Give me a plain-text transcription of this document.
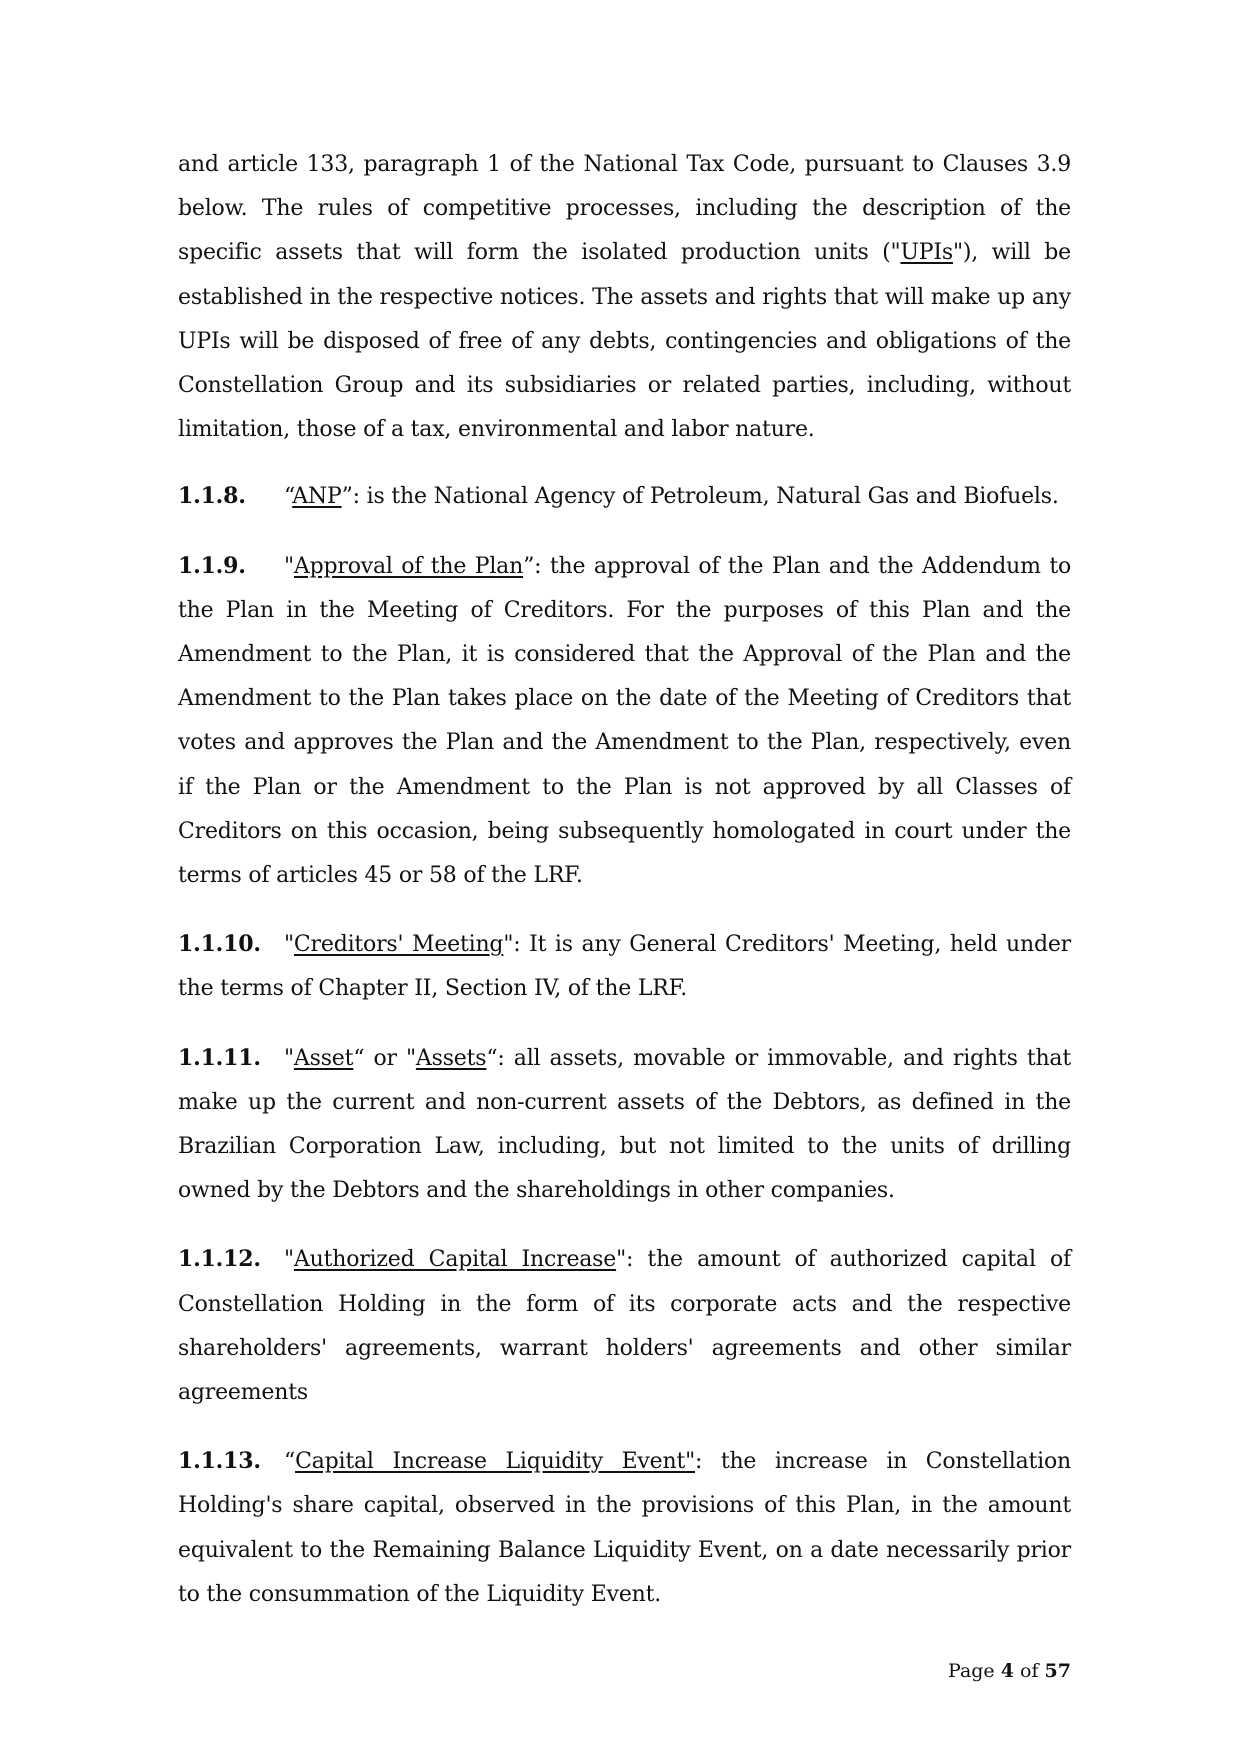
and article 133, paragraph 1 of the National Tax Code, pursuant to Clauses 3.9 below. The rules of competitive processes, including the description of the specific assets that will form the isolated production units ("UPIs"), will be established in the respective notices. The assets and rights that will make up any UPIs will be disposed of free of any debts, contingencies and obligations of the Constellation Group and its subsidiaries or related parties, including, without limitation, those of a tax, environmental and labor nature.

1.1.8. “ANP”: is the National Agency of Petroleum, Natural Gas and Biofuels.

1.1.9. "Approval of the Plan”: the approval of the Plan and the Addendum to the Plan in the Meeting of Creditors. For the purposes of this Plan and the Amendment to the Plan, it is considered that the Approval of the Plan and the Amendment to the Plan takes place on the date of the Meeting of Creditors that votes and approves the Plan and the Amendment to the Plan, respectively, even if the Plan or the Amendment to the Plan is not approved by all Classes of Creditors on this occasion, being subsequently homologated in court under the terms of articles 45 or 58 of the LRF.

1.1.10. "Creditors' Meeting": It is any General Creditors' Meeting, held under the terms of Chapter II, Section IV, of the LRF.

1.1.11. "Asset“ or "Assets“: all assets, movable or immovable, and rights that make up the current and non-current assets of the Debtors, as defined in the Brazilian Corporation Law, including, but not limited to the units of drilling owned by the Debtors and the shareholdings in other companies.

1.1.12. "Authorized Capital Increase": the amount of authorized capital of Constellation Holding in the form of its corporate acts and the respective shareholders' agreements, warrant holders' agreements and other similar agreements

1.1.13. “Capital Increase Liquidity Event": the increase in Constellation Holding's share capital, observed in the provisions of this Plan, in the amount equivalent to the Remaining Balance Liquidity Event, on a date necessarily prior to the consummation of the Liquidity Event.

Page 4 of 57
